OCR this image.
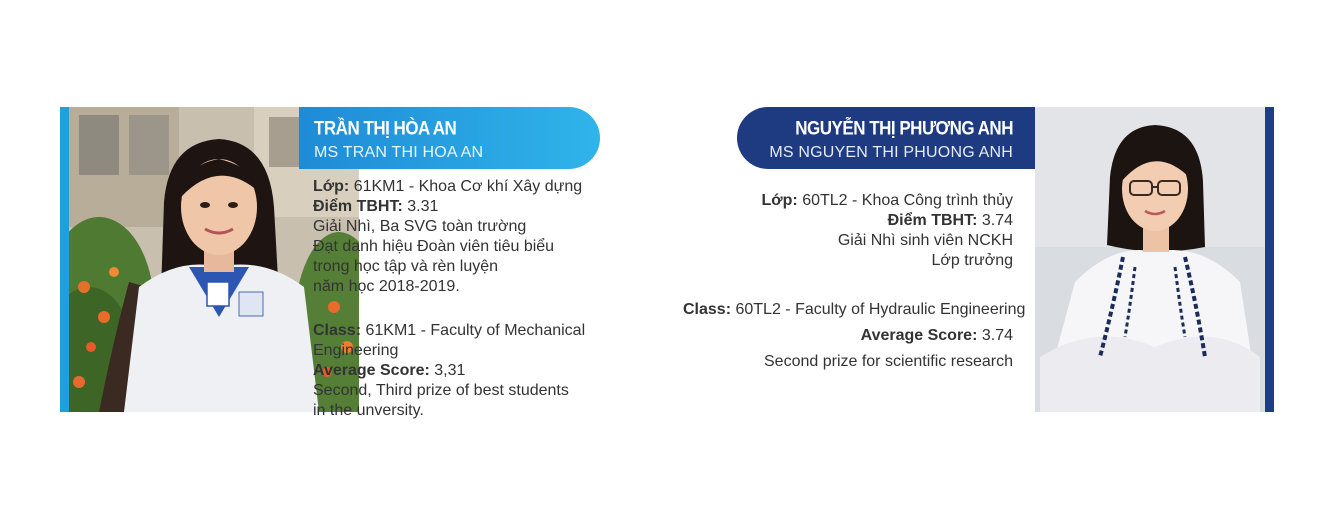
TRẦN THỊ HÒA AN
MS TRAN THI HOA AN
Lớp: 61KM1 - Khoa Cơ khí Xây dựng
Điểm TBHT: 3.31
Giải Nhì, Ba SVG toàn trường
Đạt danh hiệu Đoàn viên tiêu biểu
trong học tập và rèn luyện
năm học 2018-2019.
Class: 61KM1 - Faculty of Mechanical
Engineering
Average Score: 3,31
Second, Third prize of best students
in the unversity.
NGUYỄN THỊ PHƯƠNG ANH
MS NGUYEN THI PHUONG ANH
Lớp: 60TL2 - Khoa Công trình thủy
Điểm TBHT: 3.74
Giải Nhì sinh viên NCKH
Lớp trưởng
Class: 60TL2 - Faculty of Hydraulic Engineering
Average Score: 3.74
Second prize for scientific research
